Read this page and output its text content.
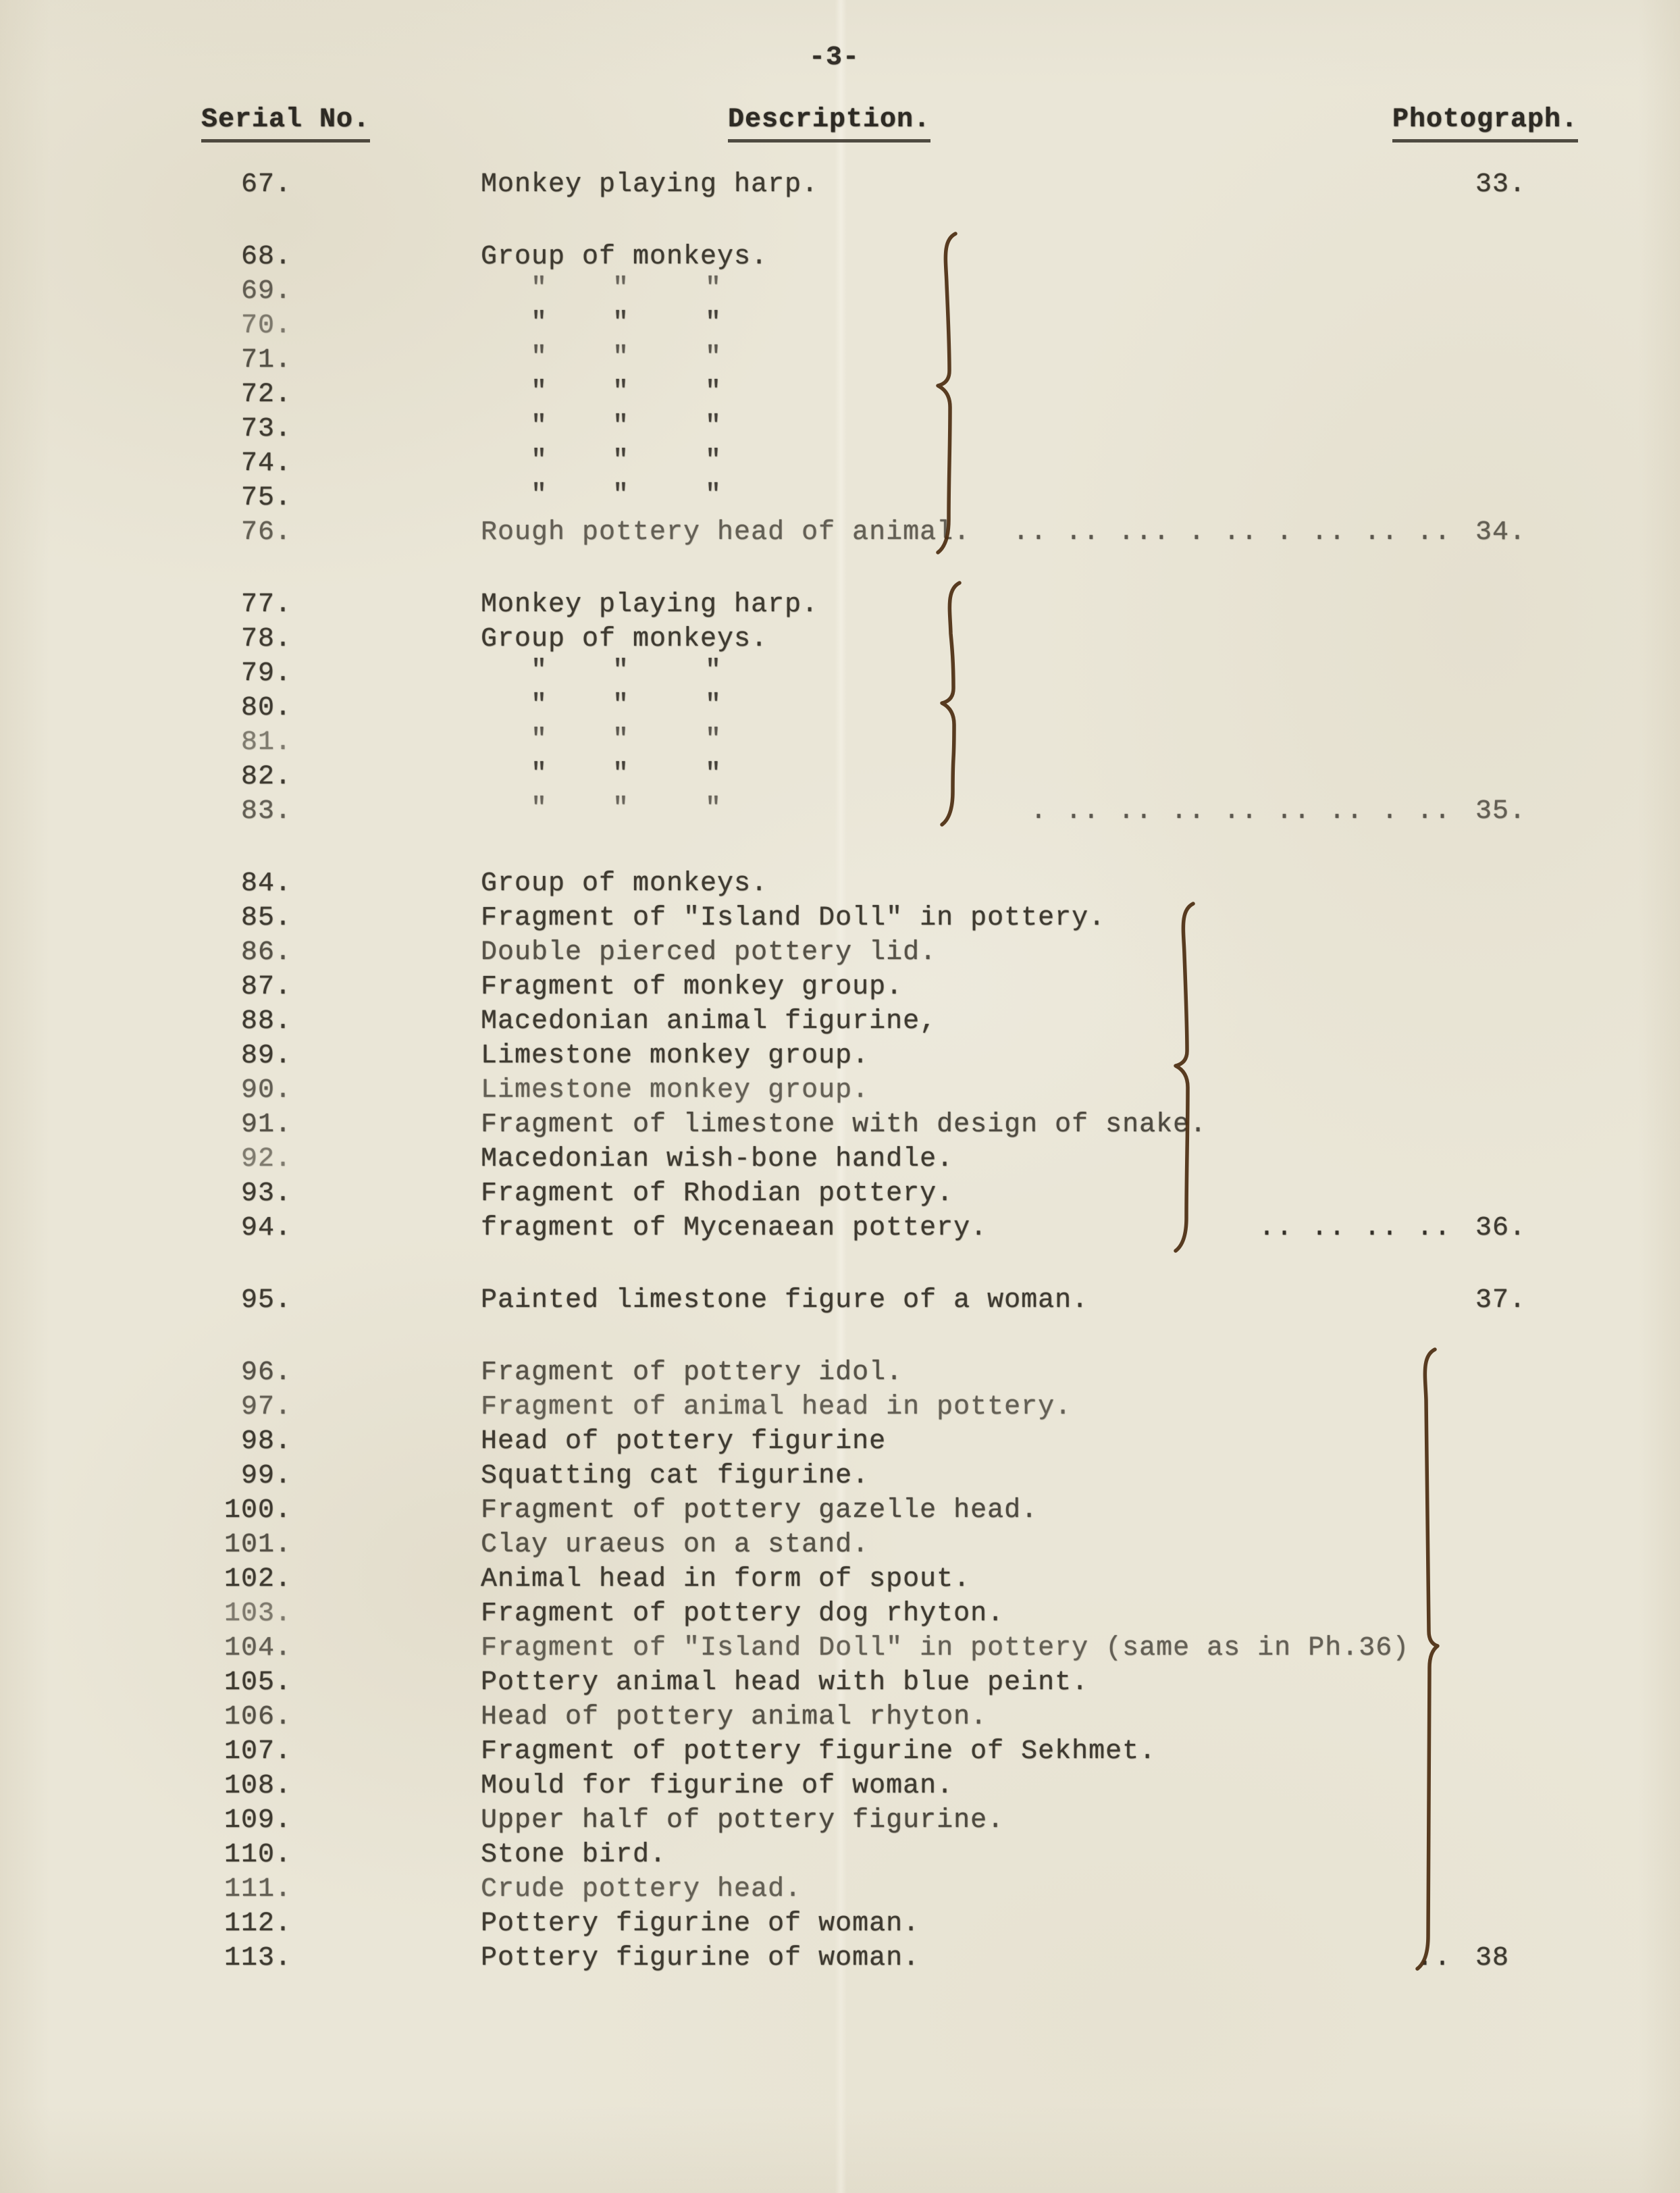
-3-
Serial No.	Description.	Photograph.
67.	Monkey playing harp.	33.
68.	Group of monkeys.
69.	" "	"
70.	" "	"
71.	" "	"
72.	" "	"
73.	" "	"
74.	" "	"
75.	" "	"
76.	Rough pottery head of animal.	.. .. ... . .. . .. .. .. 34.
77.	Monkey playing harp.
78.	Group of monkeys.
79.	" "	"
80.	" "	"
81.	" "	"
82.	" "	"
83.	" "	"	. .. .. .. .. .. .. . .. 35.
84.	Group of monkeys.
85.	Fragment of "Island Doll" in pottery.
86.	Double pierced pottery lid.
87.	Fragment of monkey group.
88.	Macedonian animal figurine,
89.	Limestone monkey group.
90.	Limestone monkey group.
91.	Fragment of limestone with design of snake.
92.	Macedonian wish-bone handle.
93.	Fragment of Rhodian pottery.
94.	fragment of Mycenaean pottery.	.. .. .. .. 36.
95.	Painted limestone figure of a woman.	37.
96.	Fragment of pottery idol.
97.	Fragment of animal head in pottery.
98.	Head of pottery figurine
99.	Squatting cat figurine.
100.	Fragment of pottery gazelle head.
101.	Clay uraeus on a stand.
102.	Animal head in form of spout.
103.	Fragment of pottery dog rhyton.
104.	Fragment of "Island Doll" in pottery (same as in Ph.36)
105.	Pottery animal head with blue peint.
106.	Head of pottery animal rhyton.
107.	Fragment of pottery figurine of Sekhmet.
108.	Mould for figurine of woman.
109.	Upper half of pottery figurine.
110.	Stone bird.
111.	Crude pottery head.
112.	Pottery figurine of woman.
113.	Pottery figurine of woman.	.. 38
